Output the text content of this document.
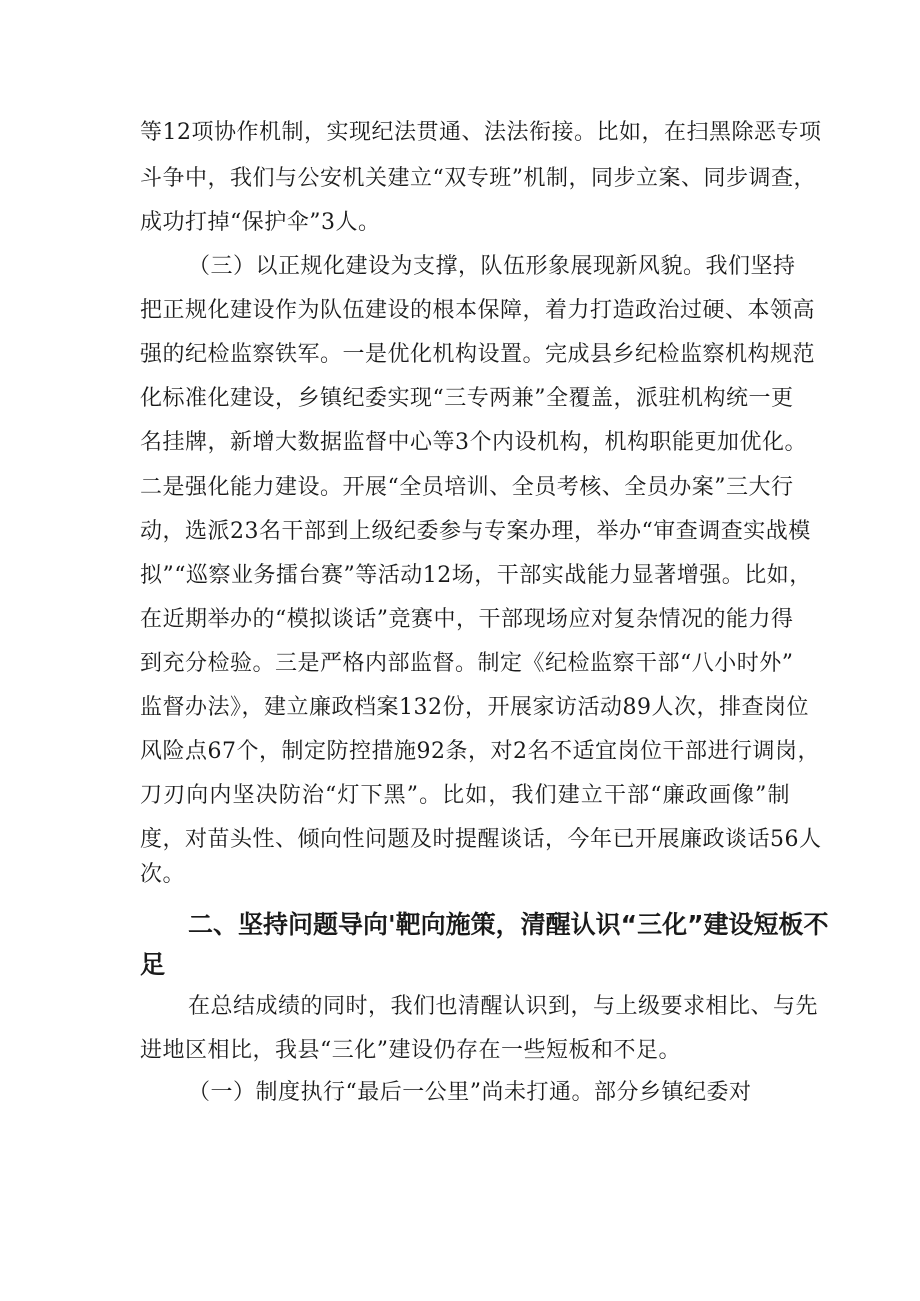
等12项协作机制，实现纪法贯通、法法衔接。比如，在扫黑除恶专项
斗争中，我们与公安机关建立“双专班”机制，同步立案、同步调查，
成功打掉“保护伞”3人。
（三）以正规化建设为支撑，队伍形象展现新风貌。我们坚持
把正规化建设作为队伍建设的根本保障，着力打造政治过硬、本领高
强的纪检监察铁军。一是优化机构设置。完成县乡纪检监察机构规范
化标准化建设，乡镇纪委实现“三专两兼”全覆盖，派驻机构统一更
名挂牌，新增大数据监督中心等3个内设机构，机构职能更加优化。
二是强化能力建设。开展“全员培训、全员考核、全员办案”三大行
动，选派23名干部到上级纪委参与专案办理，举办“审查调查实战模
拟”“巡察业务擂台赛”等活动12场，干部实战能力显著增强。比如，
在近期举办的“模拟谈话”竞赛中，干部现场应对复杂情况的能力得
到充分检验。三是严格内部监督。制定《纪检监察干部“八小时外”
监督办法》，建立廉政档案132份，开展家访活动89人次，排查岗位
风险点67个，制定防控措施92条，对2名不适宜岗位干部进行调岗，
刀刃向内坚决防治“灯下黑”。比如，我们建立干部“廉政画像”制
度，对苗头性、倾向性问题及时提醒谈话，今年已开展廉政谈话56人
次。
二、坚持问题导向'靶向施策，清醒认识“三化”建设短板不
足
在总结成绩的同时，我们也清醒认识到，与上级要求相比、与先
进地区相比，我县“三化”建设仍存在一些短板和不足。
（一）制度执行“最后一公里”尚未打通。部分乡镇纪委对
